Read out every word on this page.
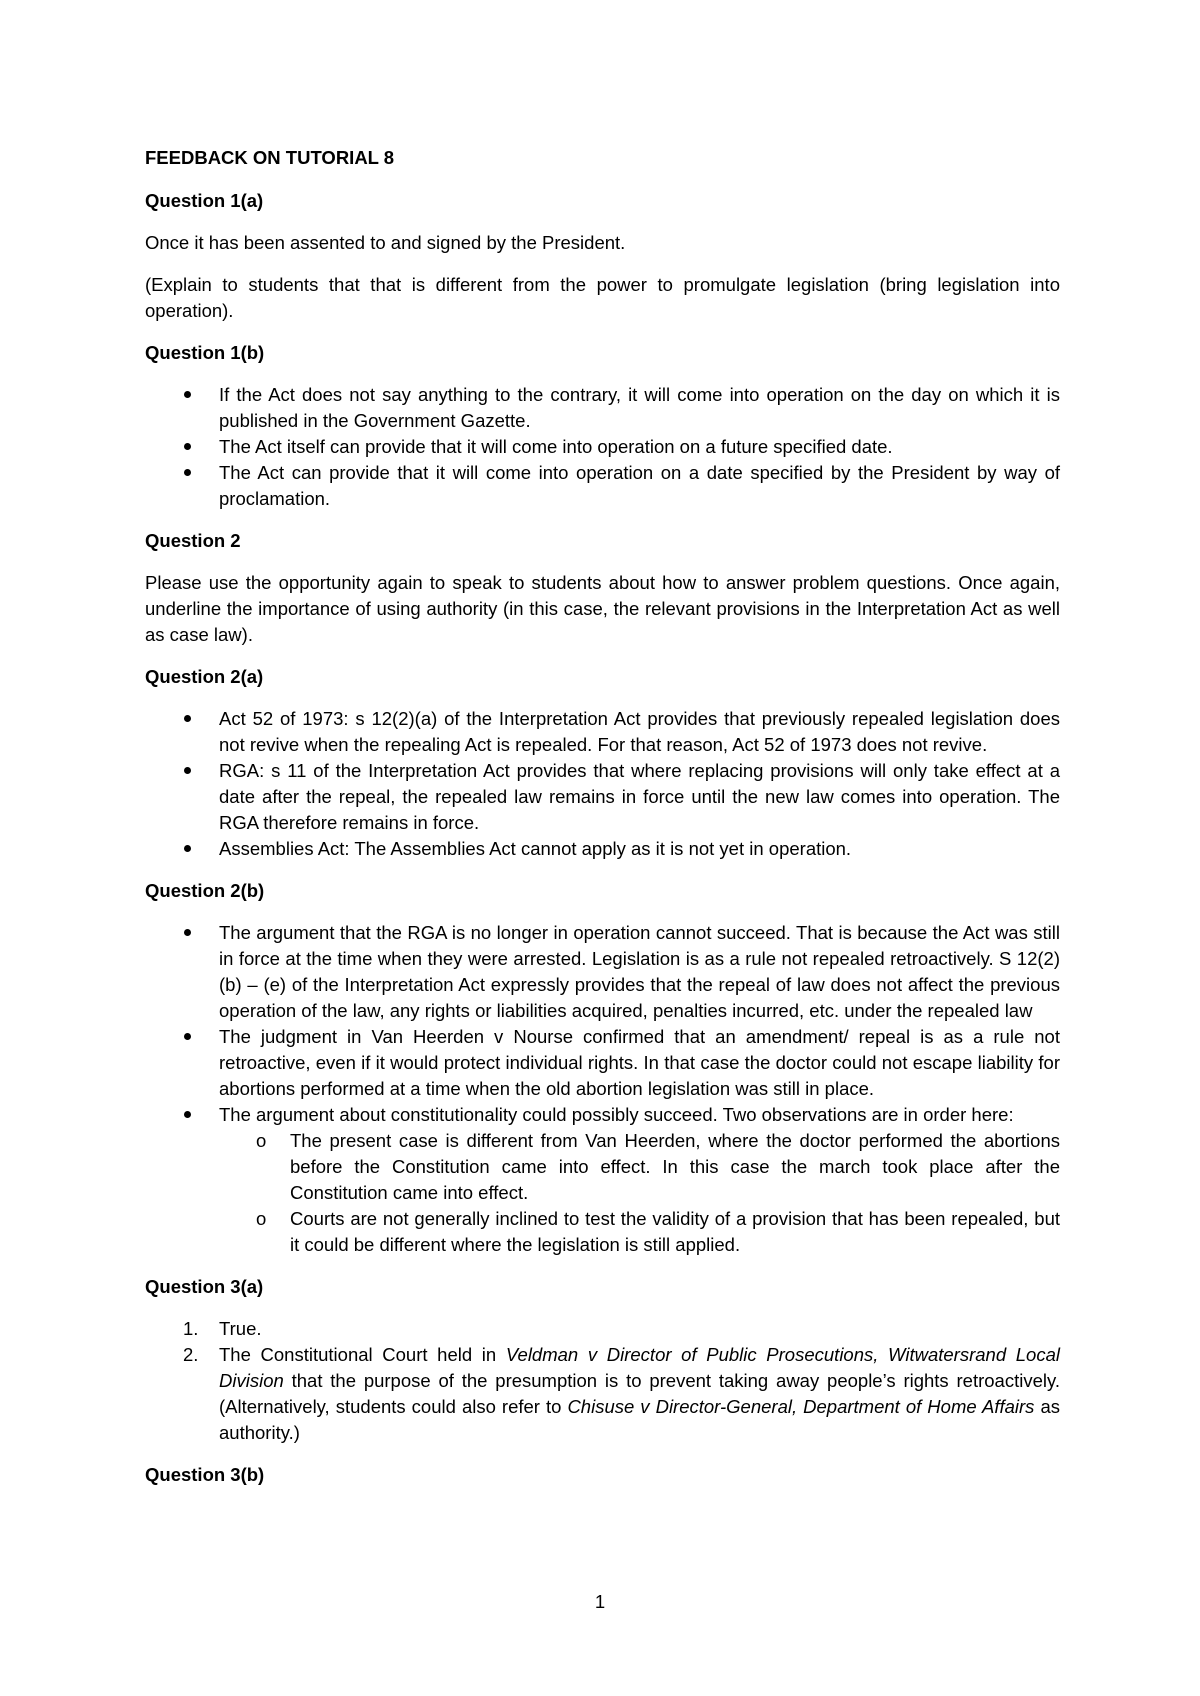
FEEDBACK ON TUTORIAL 8
Question 1(a)
Once it has been assented to and signed by the President.
(Explain to students that that is different from the power to promulgate legislation (bring legislation into operation).
Question 1(b)
If the Act does not say anything to the contrary, it will come into operation on the day on which it is published in the Government Gazette.
The Act itself can provide that it will come into operation on a future specified date.
The Act can provide that it will come into operation on a date specified by the President by way of proclamation.
Question 2
Please use the opportunity again to speak to students about how to answer problem questions. Once again, underline the importance of using authority (in this case, the relevant provisions in the Interpretation Act as well as case law).
Question 2(a)
Act 52 of 1973: s 12(2)(a) of the Interpretation Act provides that previously repealed legislation does not revive when the repealing Act is repealed. For that reason, Act 52 of 1973 does not revive.
RGA: s 11 of the Interpretation Act provides that where replacing provisions will only take effect at a date after the repeal, the repealed law remains in force until the new law comes into operation. The RGA therefore remains in force.
Assemblies Act: The Assemblies Act cannot apply as it is not yet in operation.
Question 2(b)
The argument that the RGA is no longer in operation cannot succeed. That is because the Act was still in force at the time when they were arrested. Legislation is as a rule not repealed retroactively. S 12(2)(b) – (e) of the Interpretation Act expressly provides that the repeal of law does not affect the previous operation of the law, any rights or liabilities acquired, penalties incurred, etc. under the repealed law
The judgment in Van Heerden v Nourse confirmed that an amendment/ repeal is as a rule not retroactive, even if it would protect individual rights. In that case the doctor could not escape liability for abortions performed at a time when the old abortion legislation was still in place.
The argument about constitutionality could possibly succeed. Two observations are in order here:
o The present case is different from Van Heerden, where the doctor performed the abortions before the Constitution came into effect. In this case the march took place after the Constitution came into effect.
o Courts are not generally inclined to test the validity of a provision that has been repealed, but it could be different where the legislation is still applied.
Question 3(a)
1. True.
2. The Constitutional Court held in Veldman v Director of Public Prosecutions, Witwatersrand Local Division that the purpose of the presumption is to prevent taking away people’s rights retroactively. (Alternatively, students could also refer to Chisuse v Director-General, Department of Home Affairs as authority.)
Question 3(b)
1
